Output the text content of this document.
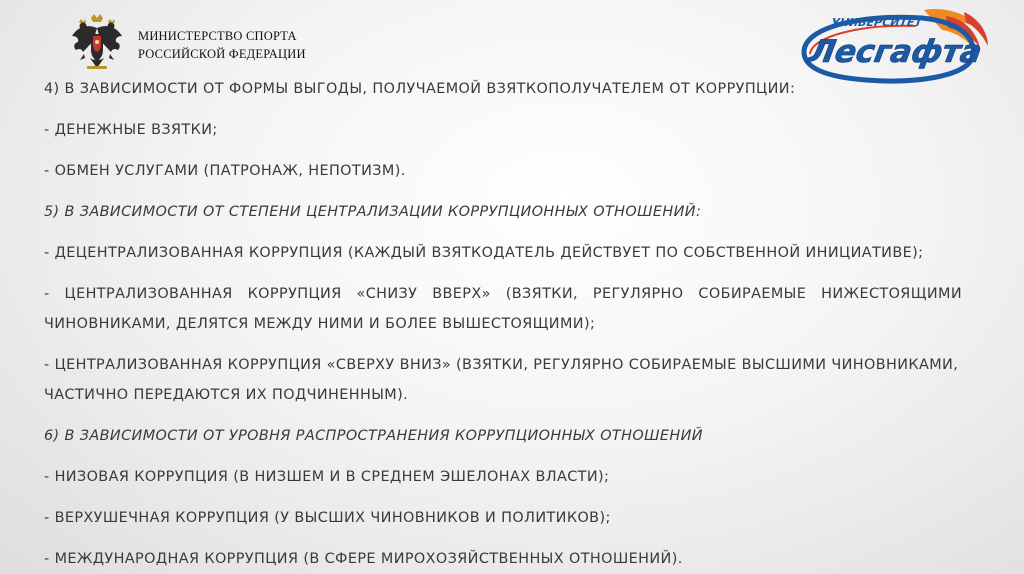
МИНИСТЕРСТВО СПОРТА
РОССИЙСКОЙ ФЕДЕРАЦИИ
УНИВЕРСИТЕТ
Лесгафта
4) В ЗАВИСИМОСТИ ОТ ФОРМЫ ВЫГОДЫ, ПОЛУЧАЕМОЙ ВЗЯТКОПОЛУЧАТЕЛЕМ ОТ КОРРУПЦИИ:
- ДЕНЕЖНЫЕ ВЗЯТКИ;
- ОБМЕН УСЛУГАМИ (ПАТРОНАЖ, НЕПОТИЗМ).
5) В ЗАВИСИМОСТИ ОТ СТЕПЕНИ ЦЕНТРАЛИЗАЦИИ КОРРУПЦИОННЫХ ОТНОШЕНИЙ:
- ДЕЦЕНТРАЛИЗОВАННАЯ КОРРУПЦИЯ (КАЖДЫЙ ВЗЯТКОДАТЕЛЬ ДЕЙСТВУЕТ ПО СОБСТВЕННОЙ ИНИЦИАТИВЕ);
- ЦЕНТРАЛИЗОВАННАЯ КОРРУПЦИЯ «СНИЗУ ВВЕРХ» (ВЗЯТКИ, РЕГУЛЯРНО СОБИРАЕМЫЕ НИЖЕСТОЯЩИМИ
ЧИНОВНИКАМИ, ДЕЛЯТСЯ МЕЖДУ НИМИ И БОЛЕЕ ВЫШЕСТОЯЩИМИ);
- ЦЕНТРАЛИЗОВАННАЯ КОРРУПЦИЯ «СВЕРХУ ВНИЗ» (ВЗЯТКИ, РЕГУЛЯРНО СОБИРАЕМЫЕ ВЫСШИМИ ЧИНОВНИКАМИ,
ЧАСТИЧНО ПЕРЕДАЮТСЯ ИХ ПОДЧИНЕННЫМ).
6) В ЗАВИСИМОСТИ ОТ УРОВНЯ РАСПРОСТРАНЕНИЯ КОРРУПЦИОННЫХ ОТНОШЕНИЙ
- НИЗОВАЯ КОРРУПЦИЯ (В НИЗШЕМ И В СРЕДНЕМ ЭШЕЛОНАХ ВЛАСТИ);
- ВЕРХУШЕЧНАЯ КОРРУПЦИЯ (У ВЫСШИХ ЧИНОВНИКОВ И ПОЛИТИКОВ);
- МЕЖДУНАРОДНАЯ КОРРУПЦИЯ (В СФЕРЕ МИРОХОЗЯЙСТВЕННЫХ ОТНОШЕНИЙ).
